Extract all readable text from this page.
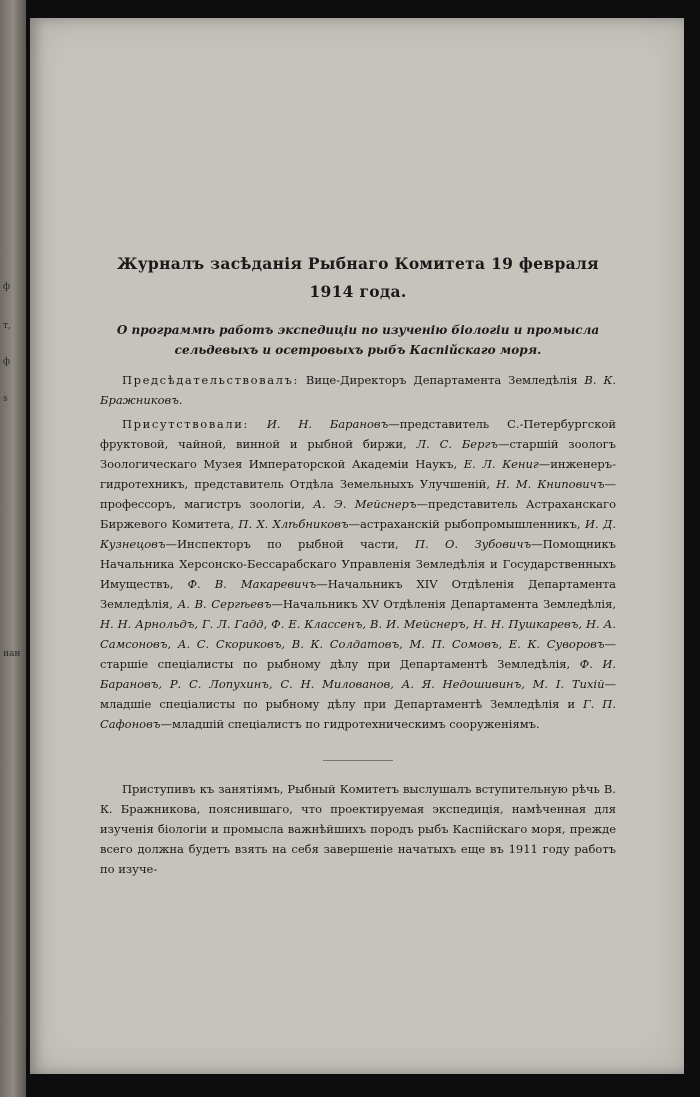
ф
т,
ф
s
иан

Журналъ засѣданія Рыбнаго Комитета 19 февраля
1914 года.

О программѣ работъ экспедиціи по изученію біологіи и промысла сельдевыхъ и осетровыхъ рыбъ Каспійскаго моря.

Предсѣдательствовалъ: Вице-Директоръ Департамента Земледѣлія В. К. Бражниковъ.

Присутствовали: И. Н. Барановъ—представитель С.-Петербургской фруктовой, чайной, винной и рыбной биржи, Л. С. Бергъ—старшій зоологъ Зоологическаго Музея Императорской Академіи Наукъ, Е. Л. Кениг—инженеръ-гидротехникъ, представитель Отдѣла Земельныхъ Улучшеній, Н. М. Книповичъ—профессоръ, магистръ зоологіи, А. Э. Мейснеръ—представитель Астраханскаго Биржевого Комитета, П. Х. Хлѣбниковъ—астраханскій рыбопромышленникъ, И. Д. Кузнецовъ—Инспекторъ по рыбной части, П. О. Зубовичъ—Помощникъ Начальника Херсонско-Бессарабскаго Управленія Земледѣлія и Государственныхъ Имуществъ, Ф. В. Макаревичъ—Начальникъ XIV Отдѣленія Департамента Земледѣлія, А. В. Сергѣевъ—Начальникъ XV Отдѣленія Департамента Земледѣлія, Н. Н. Арнольдъ, Г. Л. Гадд, Ф. Е. Классенъ, В. И. Мейснеръ, Н. Н. Пушкаревъ, Н. А. Самсоновъ, А. С. Скориковъ, В. К. Солдатовъ, М. П. Сомовъ, Е. К. Суворовъ—старшіе спеціалисты по рыбному дѣлу при Департаментѣ Земледѣлія, Ф. И. Барановъ, Р. С. Лопухинъ, С. Н. Милованов, А. Я. Недошивинъ, М. І. Тихій—младшіе спеціалисты по рыбному дѣлу при Департаментѣ Земледѣлія и Г. П. Сафоновъ—младшій спеціалистъ по гидротехническимъ сооруженіямъ.

Приступивъ къ занятіямъ, Рыбный Комитетъ выслушалъ вступительную рѣчь В. К. Бражникова, пояснившаго, что проектируемая экспедиція, намѣченная для изученія біологіи и промысла важнѣйшихъ породъ рыбъ Каспійскаго моря, прежде всего должна будетъ взять на себя завершеніе начатыхъ еще въ 1911 году работъ по изучe-
